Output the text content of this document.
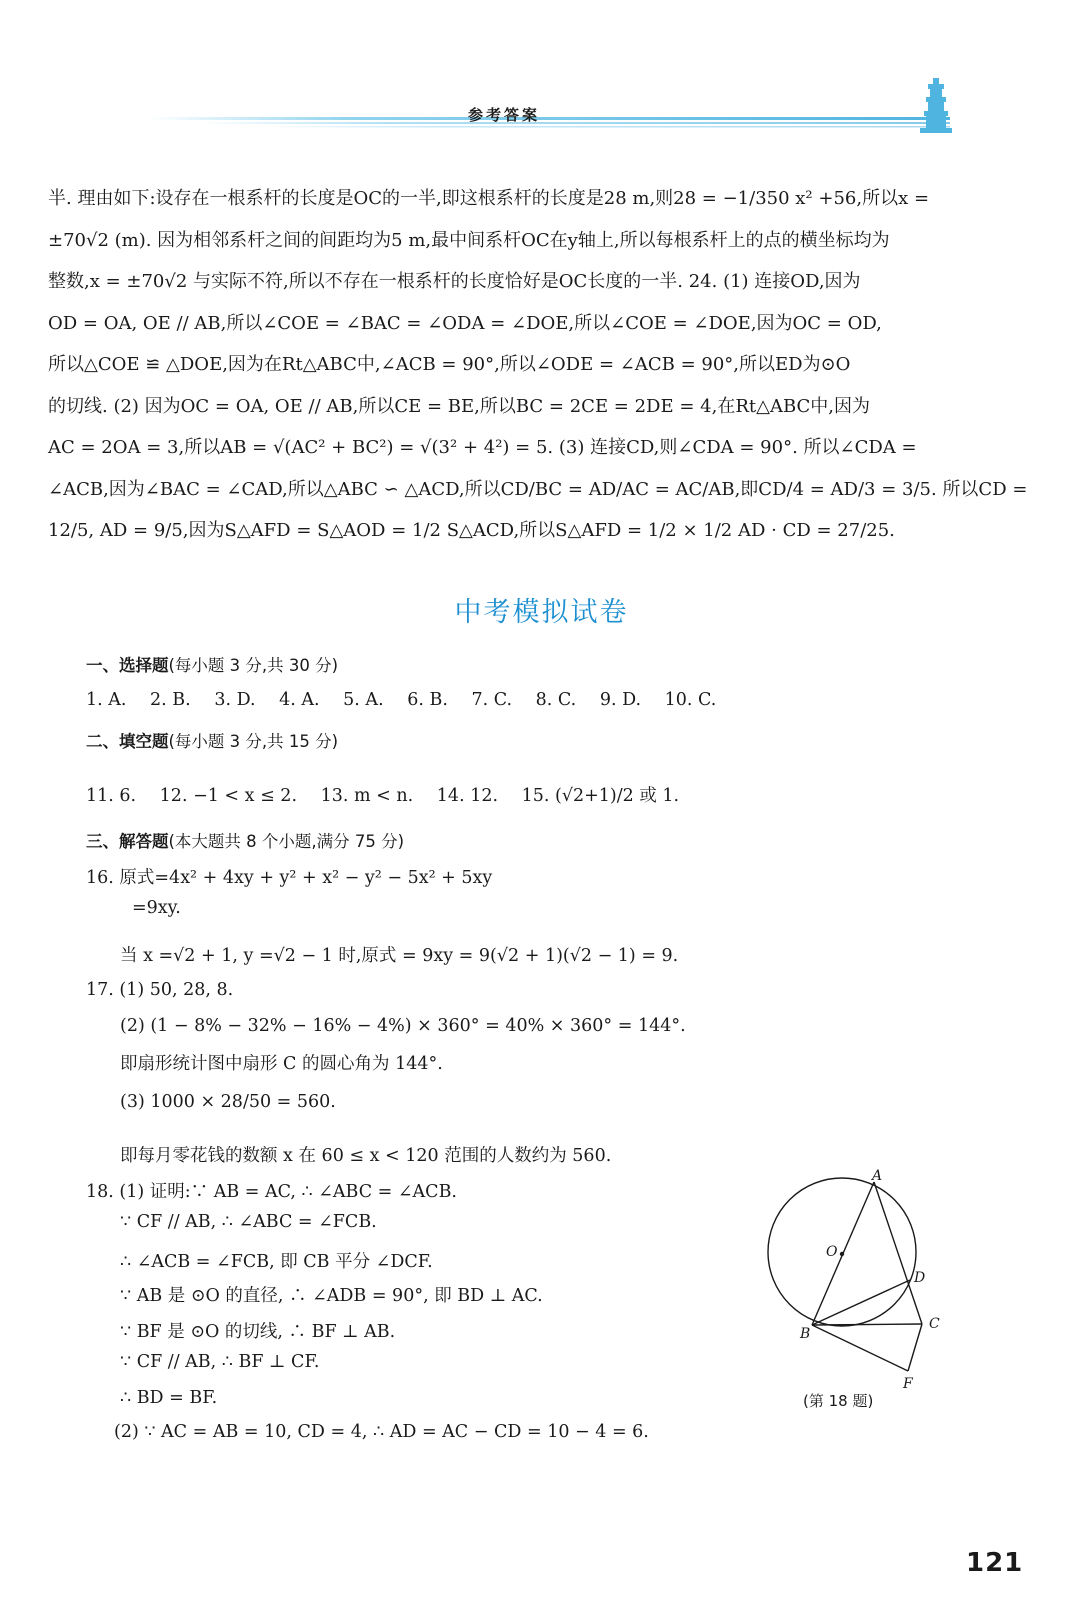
参考答案

半. 理由如下:设存在一根系杆的长度是OC的一半,即这根系杆的长度是28 m,则28 = −1/350 x² +56,所以x =
±70√2 (m). 因为相邻系杆之间的间距均为5 m,最中间系杆OC在y轴上,所以每根系杆上的点的横坐标均为
整数,x = ±70√2 与实际不符,所以不存在一根系杆的长度恰好是OC长度的一半. 24. (1) 连接OD,因为
OD = OA, OE // AB,所以∠COE = ∠BAC = ∠ODA = ∠DOE,所以∠COE = ∠DOE,因为OC = OD,
所以△COE ≌ △DOE,因为在Rt△ABC中,∠ACB = 90°,所以∠ODE = ∠ACB = 90°,所以ED为⊙O
的切线. (2) 因为OC = OA, OE // AB,所以CE = BE,所以BC = 2CE = 2DE = 4,在Rt△ABC中,因为
AC = 2OA = 3,所以AB = √(AC² + BC²) = √(3² + 4²) = 5. (3) 连接CD,则∠CDA = 90°. 所以∠CDA =
∠ACB,因为∠BAC = ∠CAD,所以△ABC ∽ △ACD,所以CD/BC = AD/AC = AC/AB,即CD/4 = AD/3 = 3/5. 所以CD =
12/5, AD = 9/5,因为S△AFD = S△AOD = 1/2 S△ACD,所以S△AFD = 1/2 × 1/2 AD · CD = 27/25.

中考模拟试卷
一、选择题(每小题 3 分,共 30 分)
1. A. 2. B. 3. D. 4. A. 5. A. 6. B. 7. C. 8. C. 9. D. 10. C.
二、填空题(每小题 3 分,共 15 分)
11. 6. 12. −1 < x ≤ 2. 13. m < n. 14. 12. 15. (√2+1)/2 或 1.
三、解答题(本大题共 8 个小题,满分 75 分)
16. 原式=4x² + 4xy + y² + x² − y² − 5x² + 5xy
=9xy.
当 x =√2 + 1, y =√2 − 1 时,原式 = 9xy = 9(√2 + 1)(√2 − 1) = 9.
17. (1) 50, 28, 8.
(2) (1 − 8% − 32% − 16% − 4%) × 360° = 40% × 360° = 144°.
即扇形统计图中扇形 C 的圆心角为 144°.
(3) 1000 × 28/50 = 560.
即每月零花钱的数额 x 在 60 ≤ x < 120 范围的人数约为 560.
18. (1) 证明:∵ AB = AC, ∴ ∠ABC = ∠ACB.
∵ CF // AB, ∴ ∠ABC = ∠FCB.
∴ ∠ACB = ∠FCB, 即 CB 平分 ∠DCF.
∵ AB 是 ⊙O 的直径, ∴ ∠ADB = 90°, 即 BD ⊥ AC.
∵ BF 是 ⊙O 的切线, ∴ BF ⊥ AB.
∵ CF // AB, ∴ BF ⊥ CF.
∴ BD = BF.
(2) ∵ AC = AB = 10, CD = 4, ∴ AD = AC − CD = 10 − 4 = 6.
A
O
D
B
C
F
(第 18 题)
121
